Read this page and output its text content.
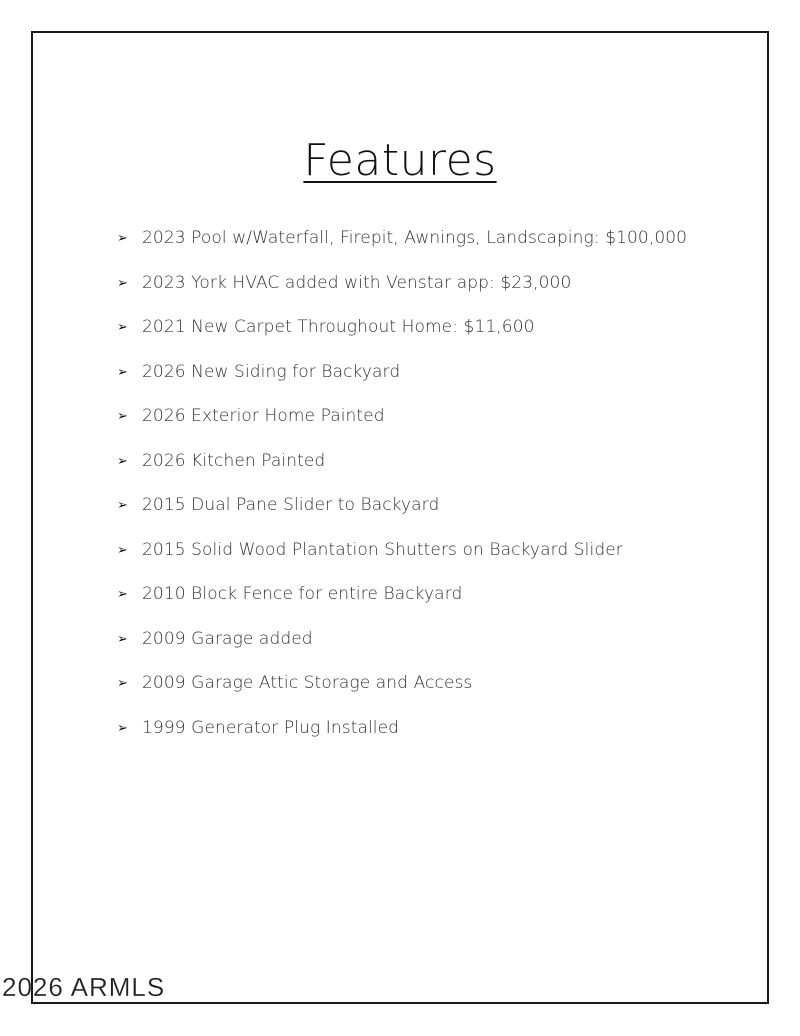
Features
➢ 2023 Pool w/Waterfall, Firepit, Awnings, Landscaping: $100,000
➢ 2023 York HVAC added with Venstar app: $23,000
➢ 2021 New Carpet Throughout Home: $11,600
➢ 2026 New Siding for Backyard
➢ 2026 Exterior Home Painted
➢ 2026 Kitchen Painted
➢ 2015 Dual Pane Slider to Backyard
➢ 2015 Solid Wood Plantation Shutters on Backyard Slider
➢ 2010 Block Fence for entire Backyard
➢ 2009 Garage added
➢ 2009 Garage Attic Storage and Access
➢ 1999 Generator Plug Installed
2026 ARMLS
